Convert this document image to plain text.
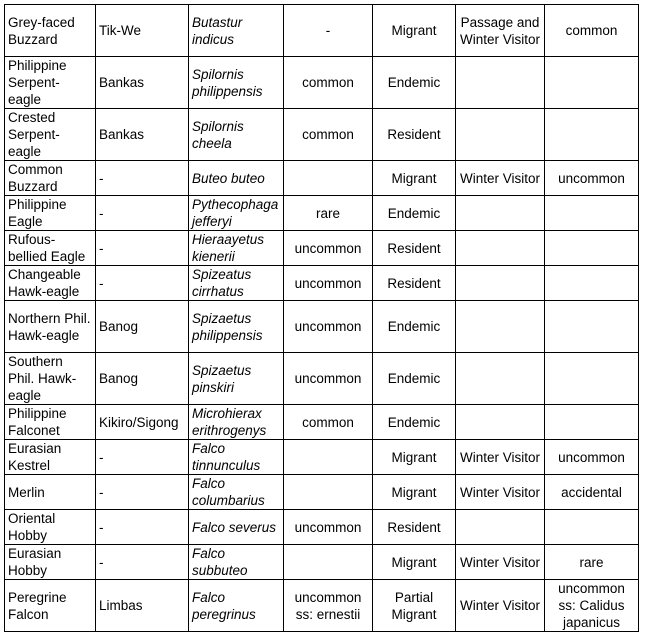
Grey-faced Buzzard	Tik-We	Butastur indicus	-	Migrant	Passage and Winter Visitor	common
Philippine Serpent-eagle	Bankas	Spilornis philippensis	common	Endemic		
Crested Serpent-eagle	Bankas	Spilornis cheela	common	Resident		
Common Buzzard	-	Buteo buteo		Migrant	Winter Visitor	uncommon
Philippine Eagle	-	Pythecophaga jefferyi	rare	Endemic		
Rufous-bellied Eagle	-	Hieraayetus kienerii	uncommon	Resident		
Changeable Hawk-eagle	-	Spizeatus cirrhatus	uncommon	Resident		
Northern Phil. Hawk-eagle	Banog	Spizaetus philippensis	uncommon	Endemic		
Southern Phil. Hawk-eagle	Banog	Spizaetus pinskiri	uncommon	Endemic		
Philippine Falconet	Kikiro/Sigong	Microhierax erithrogenys	common	Endemic		
Eurasian Kestrel	-	Falco tinnunculus		Migrant	Winter Visitor	uncommon
Merlin	-	Falco columbarius		Migrant	Winter Visitor	accidental
Oriental Hobby	-	Falco severus	uncommon	Resident		
Eurasian Hobby	-	Falco subbuteo		Migrant	Winter Visitor	rare
Peregrine Falcon	Limbas	Falco peregrinus	uncommon ss: ernestii	Partial Migrant	Winter Visitor	uncommon ss: Calidus japanicus
